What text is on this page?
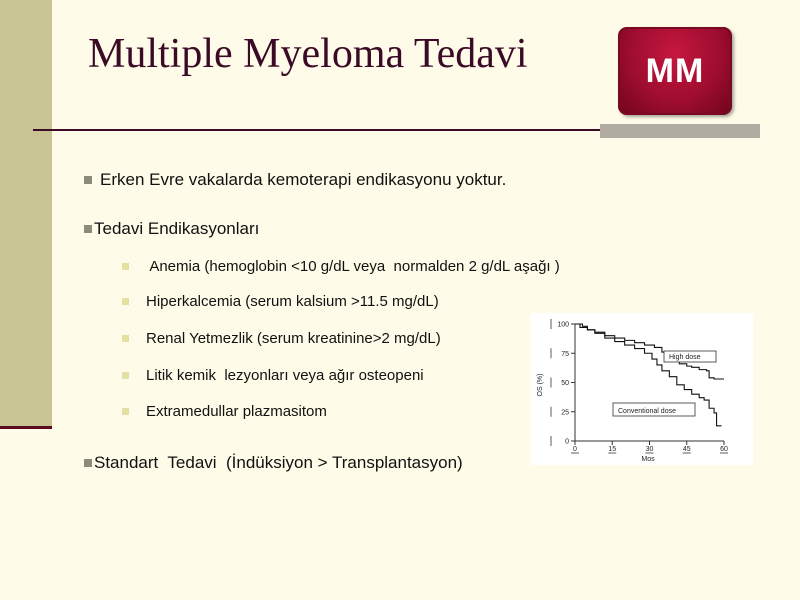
Multiple Myeloma Tedavi	MM
Erken Evre vakalarda kemoterapi endikasyonu yoktur.
Tedavi Endikasyonları
Anemia (hemoglobin <10 g/dL veya  normalden 2 g/dL aşağı )
Hiperkalcemia (serum kalsium >11.5 mg/dL)
Renal Yetmezlik (serum kreatinine>2 mg/dL)
Litik kemik  lezyonları veya ağır osteopeni
Extramedullar plazmasitom
Standart  Tedavi  (İndüksiyon > Transplantasyon)
OS (%)
Mos
0
25
50
75
100
0	15	30	45	60
High dose
Conventional dose
